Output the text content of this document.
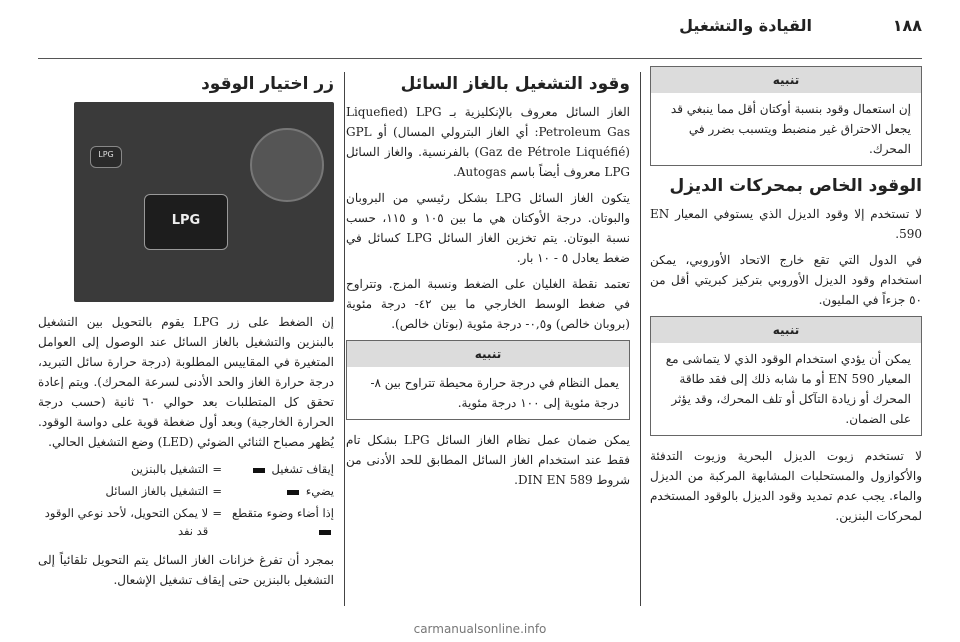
١٨٨
القيادة والتشغيل
تنبيه
إن استعمال وقود بنسبة أوكتان أقل مما ينبغي قد يجعل الاحتراق غير منضبط ويتسبب بضرر في المحرك.
الوقود الخاص بمحركات الديزل

لا تستخدم إلا وقود الديزل الذي يستوفي المعيار EN 590.

في الدول التي تقع خارج الاتحاد الأوروبي، يمكن استخدام وقود الديزل الأوروبي بتركيز كبريتي أقل من ٥٠ جزءاً في المليون.

تنبيه
يمكن أن يؤدي استخدام الوقود الذي لا يتماشى مع المعيار EN 590 أو ما شابه ذلك إلى فقد طاقة المحرك أو زيادة التآكل أو تلف المحرك، وقد يؤثر على الضمان.

لا تستخدم زيوت الديزل البحرية وزيوت التدفئة والأكوازول والمستحلبات المشابهة المركبة من الديزل والماء. يجب عدم تمديد وقود الديزل بالوقود المستخدم لمحركات البنزين.

وقود التشغيل بالغاز السائل

الغاز السائل معروف بالإنكليزية بـ LPG (Liquefied Petroleum Gas: أي الغاز البترولي المسال) أو GPL (Gaz de Pétrole Liquéfié) بالفرنسية. والغاز السائل LPG معروف أيضاً باسم Autogas.

يتكون الغاز السائل LPG بشكل رئيسي من البروبان والبوتان. درجة الأوكتان هي ما بين ١٠٥ و ١١٥، حسب نسبة البوتان. يتم تخزين الغاز السائل LPG كسائل في ضغط يعادل ٥ - ١٠ بار.

تعتمد نقطة الغليان على الضغط ونسبة المزج. وتتراوح في ضغط الوسط الخارجي ما بين ٤٢- درجة مئوية (بروبان خالص) و٠,٥- درجة مئوية (بوتان خالص).

تنبيه
يعمل النظام في درجة حرارة محيطة تتراوح بين ٨- درجة مئوية إلى ١٠٠ درجة مئوية.

يمكن ضمان عمل نظام الغاز السائل LPG بشكل تام فقط عند استخدام الغاز السائل المطابق للحد الأدنى من شروط DIN EN 589.

زر اختيار الوقود
LPG
LPG

إن الضغط على زر LPG يقوم بالتحويل بين التشغيل بالبنزين والتشغيل بالغاز السائل عند الوصول إلى العوامل المتغيرة في المقاييس المطلوبة (درجة حرارة سائل التبريد، درجة حرارة الغاز والحد الأدنى لسرعة المحرك). ويتم إعادة تحقق كل المتطلبات بعد حوالي ٦٠ ثانية (حسب درجة الحرارة الخارجية) وبعد أول ضغطة قوية على دواسة الوقود. يُظهر مصباح الثنائي الضوئي (LED) وضع التشغيل الحالي.

إيقاف تشغيل	=	التشغيل بالبنزين
يضيء	=	التشغيل بالغاز السائل
إذا أضاء وضوء متقطع	=	لا يمكن التحويل، لأحد نوعي الوقود قد نفد

بمجرد أن تفرغ خزانات الغاز السائل يتم التحويل تلقائياً إلى التشغيل بالبنزين حتى إيقاف تشغيل الإشعال.

carmanualsonline.info
